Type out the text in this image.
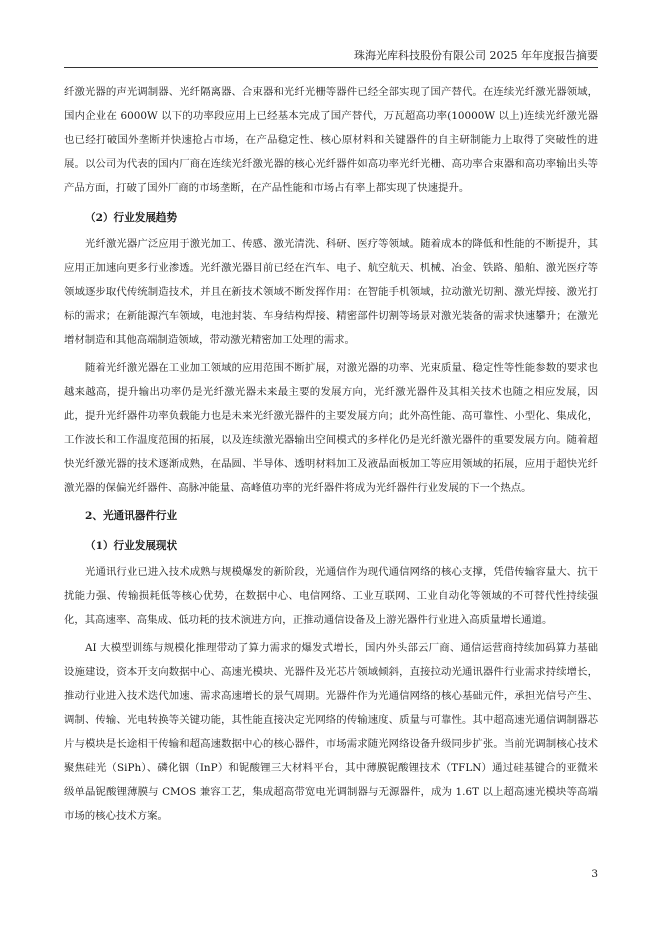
珠海光库科技股份有限公司 2025 年年度报告摘要

纤激光器的声光调制器、光纤隔离器、合束器和光纤光栅等器件已经全部实现了国产替代。在连续光纤激光器领域，国内企业在 6000W 以下的功率段应用上已经基本完成了国产替代，万瓦超高功率(10000W 以上)连续光纤激光器也已经打破国外垄断并快速抢占市场，在产品稳定性、核心原材料和关键器件的自主研制能力上取得了突破性的进展。以公司为代表的国内厂商在连续光纤激光器的核心光纤器件如高功率光纤光栅、高功率合束器和高功率输出头等产品方面，打破了国外厂商的市场垄断，在产品性能和市场占有率上都实现了快速提升。

（2）行业发展趋势

光纤激光器广泛应用于激光加工、传感、激光清洗、科研、医疗等领域。随着成本的降低和性能的不断提升，其应用正加速向更多行业渗透。光纤激光器目前已经在汽车、电子、航空航天、机械、冶金、铁路、船舶、激光医疗等领域逐步取代传统制造技术，并且在新技术领域不断发挥作用：在智能手机领域，拉动激光切割、激光焊接、激光打标的需求；在新能源汽车领域，电池封装、车身结构焊接、精密部件切割等场景对激光装备的需求快速攀升；在激光增材制造和其他高端制造领域，带动激光精密加工处理的需求。

随着光纤激光器在工业加工领域的应用范围不断扩展，对激光器的功率、光束质量、稳定性等性能参数的要求也越来越高，提升输出功率仍是光纤激光器未来最主要的发展方向，光纤激光器件及其相关技术也随之相应发展，因此，提升光纤器件功率负载能力也是未来光纤激光器件的主要发展方向；此外高性能、高可靠性、小型化、集成化，工作波长和工作温度范围的拓展，以及连续激光器输出空间模式的多样化仍是光纤激光器件的重要发展方向。随着超快光纤激光器的技术逐渐成熟，在晶圆、半导体、透明材料加工及液晶面板加工等应用领域的拓展，应用于超快光纤激光器的保偏光纤器件、高脉冲能量、高峰值功率的光纤器件将成为光纤器件行业发展的下一个热点。

2、光通讯器件行业
（1）行业发展现状

光通讯行业已进入技术成熟与规模爆发的新阶段，光通信作为现代通信网络的核心支撑，凭借传输容量大、抗干扰能力强、传输损耗低等核心优势，在数据中心、电信网络、工业互联网、工业自动化等领域的不可替代性持续强化，其高速率、高集成、低功耗的技术演进方向，正推动通信设备及上游光器件行业进入高质量增长通道。

AI 大模型训练与规模化推理带动了算力需求的爆发式增长，国内外头部云厂商、通信运营商持续加码算力基础设施建设，资本开支向数据中心、高速光模块、光器件及光芯片领域倾斜，直接拉动光通讯器件行业需求持续增长，推动行业进入技术迭代加速、需求高速增长的景气周期。光器件作为光通信网络的核心基础元件，承担光信号产生、调制、传输、光电转换等关键功能，其性能直接决定光网络的传输速度、质量与可靠性。其中超高速光通信调制器芯片与模块是长途相干传输和超高速数据中心的核心器件，市场需求随光网络设备升级同步扩张。当前光调制核心技术聚焦硅光（SiPh）、磷化铟（InP）和铌酸锂三大材料平台，其中薄膜铌酸锂技术（TFLN）通过硅基键合的亚微米级单晶铌酸锂薄膜与 CMOS 兼容工艺，集成超高带宽电光调制器与无源器件，成为 1.6T 以上超高速光模块等高端市场的核心技术方案。

3
